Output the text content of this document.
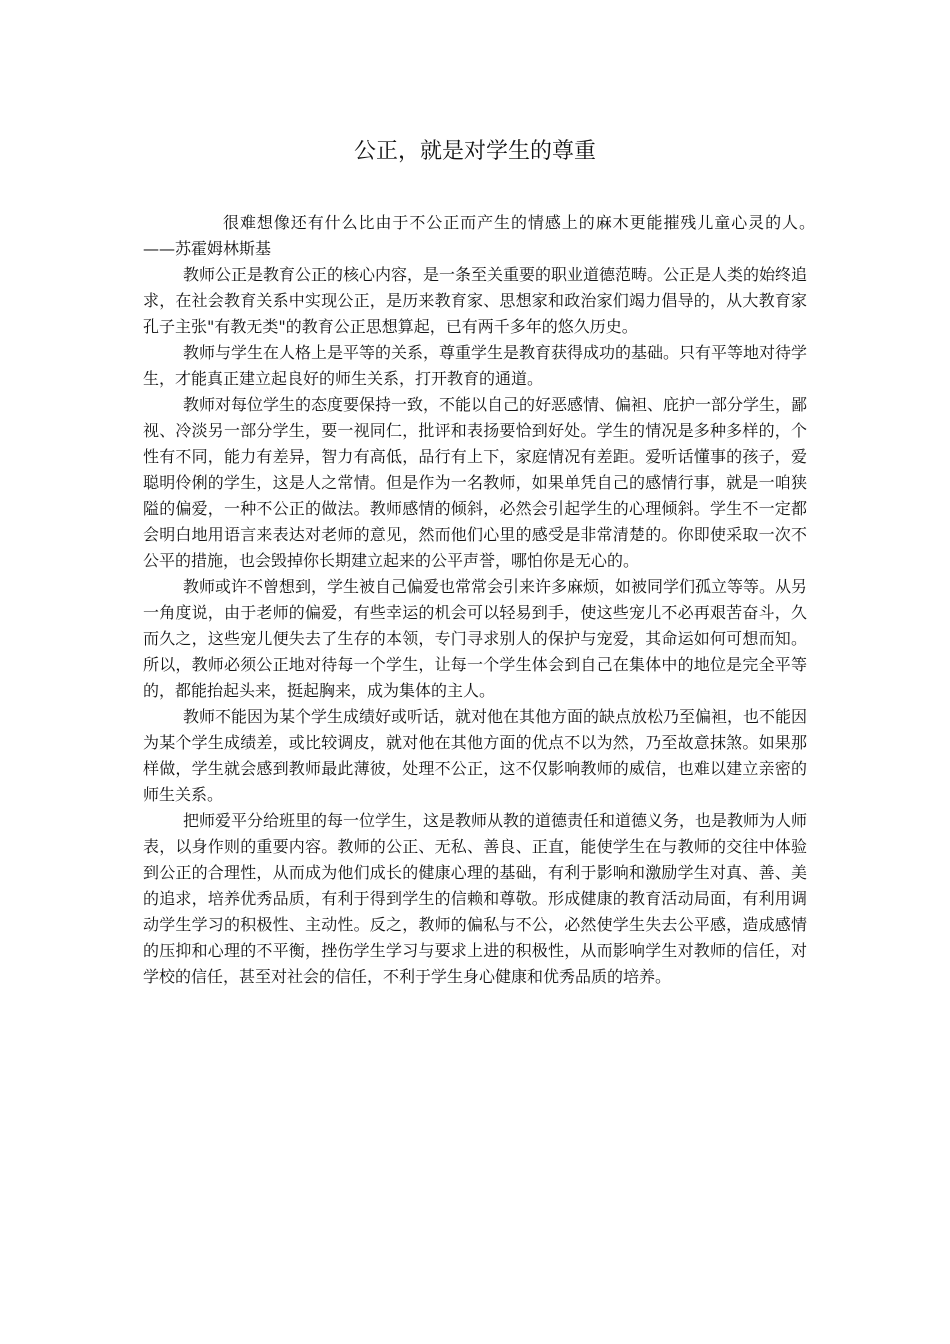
公正，就是对学生的尊重

很难想像还有什么比由于不公正而产生的情感上的麻木更能摧残儿童心灵的人。　——苏霍姆林斯基

教师公正是教育公正的核心内容，是一条至关重要的职业道德范畴。公正是人类的始终追求，在社会教育关系中实现公正，是历来教育家、思想家和政治家们竭力倡导的，从大教育家孔子主张"有教无类"的教育公正思想算起，已有两千多年的悠久历史。

教师与学生在人格上是平等的关系，尊重学生是教育获得成功的基础。只有平等地对待学生，才能真正建立起良好的师生关系，打开教育的通道。

教师对每位学生的态度要保持一致，不能以自己的好恶感情、偏袒、庇护一部分学生，鄙视、冷淡另一部分学生，要一视同仁，批评和表扬要恰到好处。学生的情况是多种多样的，个性有不同，能力有差异，智力有高低，品行有上下，家庭情况有差距。爱听话懂事的孩子，爱聪明伶俐的学生，这是人之常情。但是作为一名教师，如果单凭自己的感情行事，就是一咱狭隘的偏爱，一种不公正的做法。教师感情的倾斜，必然会引起学生的心理倾斜。学生不一定都会明白地用语言来表达对老师的意见，然而他们心里的感受是非常清楚的。你即使采取一次不公平的措施，也会毁掉你长期建立起来的公平声誉，哪怕你是无心的。

教师或许不曾想到，学生被自己偏爱也常常会引来许多麻烦，如被同学们孤立等等。从另一角度说，由于老师的偏爱，有些幸运的机会可以轻易到手，使这些宠儿不必再艰苦奋斗，久而久之，这些宠儿便失去了生存的本领，专门寻求别人的保护与宠爱，其命运如何可想而知。所以，教师必须公正地对待每一个学生，让每一个学生体会到自己在集体中的地位是完全平等的，都能抬起头来，挺起胸来，成为集体的主人。

教师不能因为某个学生成绩好或听话，就对他在其他方面的缺点放松乃至偏袒，也不能因为某个学生成绩差，或比较调皮，就对他在其他方面的优点不以为然，乃至故意抹煞。如果那样做，学生就会感到教师最此薄彼，处理不公正，这不仅影响教师的威信，也难以建立亲密的师生关系。

把师爱平分给班里的每一位学生，这是教师从教的道德责任和道德义务，也是教师为人师表，以身作则的重要内容。教师的公正、无私、善良、正直，能使学生在与教师的交往中体验到公正的合理性，从而成为他们成长的健康心理的基础，有利于影响和激励学生对真、善、美的追求，培养优秀品质，有利于得到学生的信赖和尊敬。形成健康的教育活动局面，有利用调动学生学习的积极性、主动性。反之，教师的偏私与不公，必然使学生失去公平感，造成感情的压抑和心理的不平衡，挫伤学生学习与要求上进的积极性，从而影响学生对教师的信任，对学校的信任，甚至对社会的信任，不利于学生身心健康和优秀品质的培养。
